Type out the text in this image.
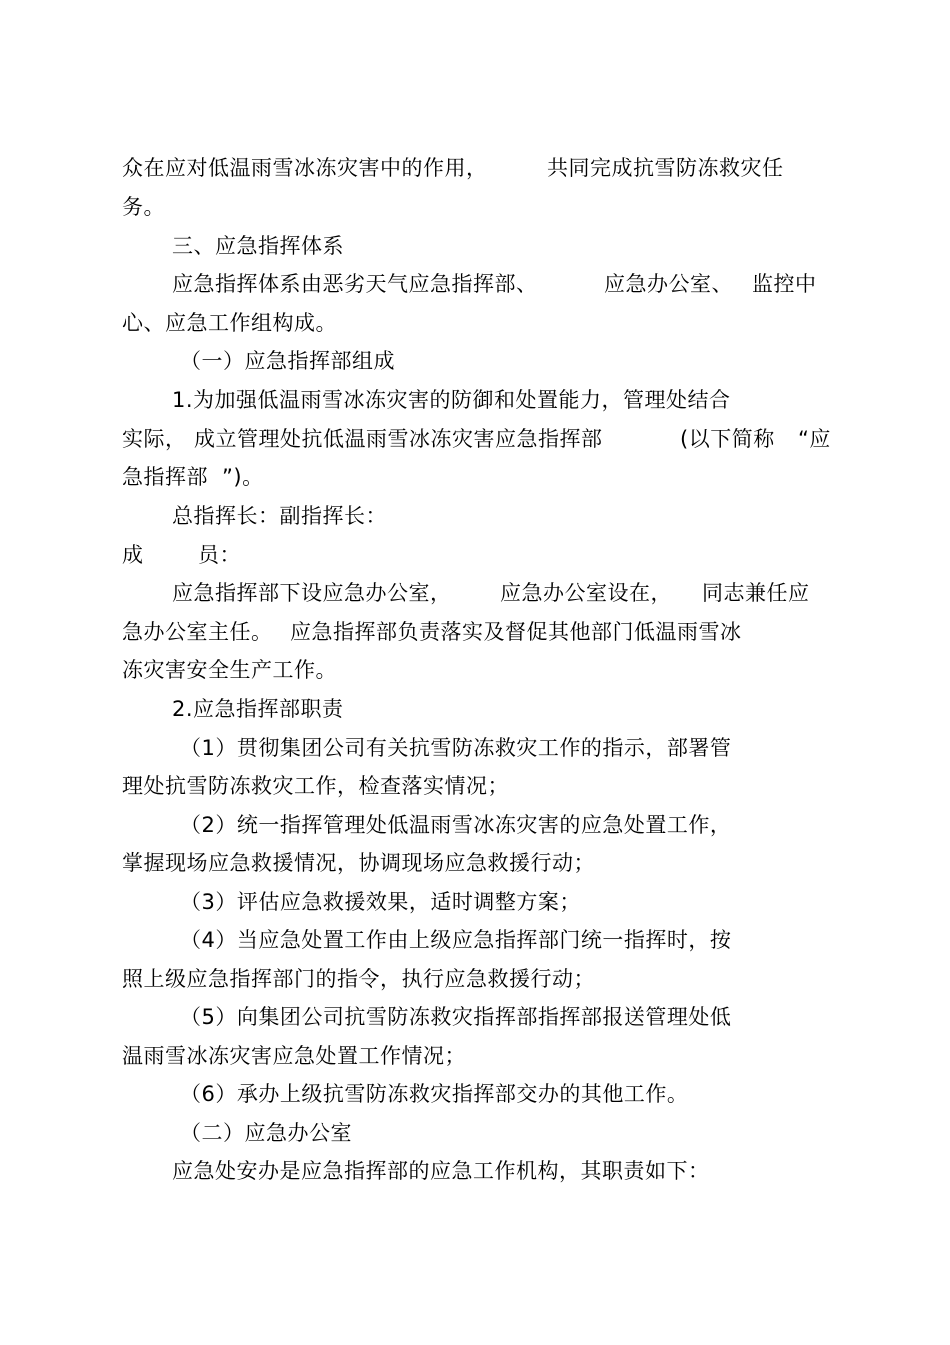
众在应对低温雨雪冰冻灾害中的作用，	共同完成抗雪防冻救灾任
务。
三、应急指挥体系
应急指挥体系由恶劣天气应急指挥部、	应急办公室、 监控中
心、应急工作组构成。
（一）应急指挥部组成
1.为加强低温雨雪冰冻灾害的防御和处置能力，管理处结合
实际， 成立管理处抗低温雨雪冰冻灾害应急指挥部	(以下简称 “应
急指挥部 ”)。
总指挥长：副指挥长：
成	员：
应急指挥部下设应急办公室， 应急办公室设在， 同志兼任应
急办公室主任。 应急指挥部负责落实及督促其他部门低温雨雪冰
冻灾害安全生产工作。
2.应急指挥部职责
（1）贯彻集团公司有关抗雪防冻救灾工作的指示，部署管
理处抗雪防冻救灾工作，检查落实情况；
（2）统一指挥管理处低温雨雪冰冻灾害的应急处置工作，
掌握现场应急救援情况，协调现场应急救援行动；
（3）评估应急救援效果，适时调整方案；
（4）当应急处置工作由上级应急指挥部门统一指挥时，按
照上级应急指挥部门的指令，执行应急救援行动；
（5）向集团公司抗雪防冻救灾指挥部指挥部报送管理处低
温雨雪冰冻灾害应急处置工作情况；
（6）承办上级抗雪防冻救灾指挥部交办的其他工作。
（二）应急办公室
应急处安办是应急指挥部的应急工作机构，其职责如下：
